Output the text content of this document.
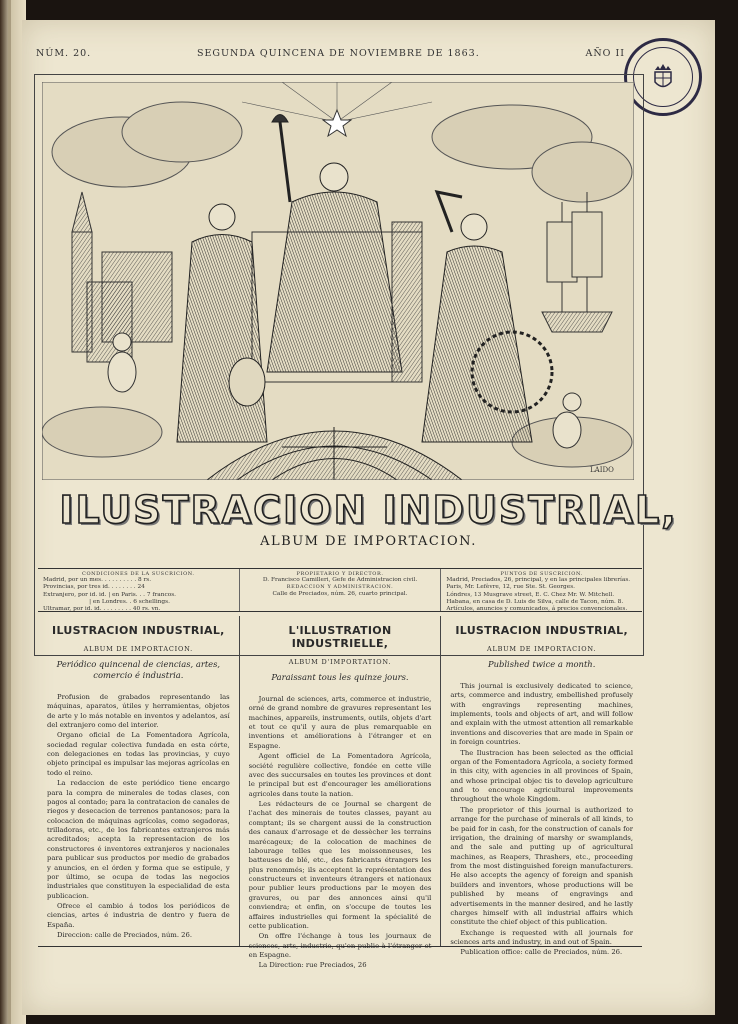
NÚM. 20.	SEGUNDA QUINCENA DE NOVIEMBRE DE 1863.	AÑO II
LAIDO
ILUSTRACION INDUSTRIAL,
ALBUM DE IMPORTACION.
CONDICIONES DE LA SUSCRICION.
Madrid, por un mes. . . . . . . . . . 8 rs.
Provincias, por tres id. . . . . . . . 24
Extranjero, por id. id. | en Paris. . . 7 francos.
| en Londres. . 6 schellings.
Ultramar, por id. id. . . . . . . . . 40 rs. vn.
PROPIETARIO Y DIRECTOR.
D. Francisco Camilleri, Gefe de Administracion civil.
REDACCION Y ADMINISTRACION.
Calle de Preciados, núm. 26, cuarto principal.
PUNTOS DE SUSCRICION.
Madrid, Preciados, 26, principal, y en las principales librerías.
Paris, Mr. Lefèvre, 12, rue Ste. St. Georges.
Lóndres, 13 Musgrave street, E. C. Chez Mr. W. Mitchell.
Habana, en casa de D. Luis de Silva, calle de Tacon, núm. 8.
Artículos, anuncios y comunicados, á precios convencionales.
ILUSTRACION INDUSTRIAL,
ALBUM DE IMPORTACION.
Periódico quincenal de ciencias, artes, comercio é industria.

Profusion de grabados representando las máquinas, aparatos, útiles y herramientas, objetos de arte y lo más notable en inventos y adelantos, así del extranjero como del interior.

Organo oficial de La Fomentadora Agrícola, sociedad regular colectiva fundada en esta córte, con delegaciones en todas las provincias, y cuyo objeto principal es impulsar las mejoras agrícolas en todo el reino.

La redaccion de este periódico tiene encargo para la compra de minerales de todas clases, con pagos al contado; para la contratacion de canales de riegos y desecacion de terrenos pantanosos; para la colocacion de máquinas agrícolas, como segadoras, trilladoras, etc., de los fabricantes extranjeros más acreditados; acepta la representacion de los constructores é inventores extranjeros y nacionales para publicar sus productos por medio de grabados y anuncios, en el órden y forma que se estipule, y por último, se ocupa de todas las negocios industriales que constituyen la especialidad de esta publicacion.

Ofrece el cambio á todos los periódicos de ciencias, artes é industria de dentro y fuera de España.

Direccion: calle de Preciados, núm. 26.
L'ILLUSTRATION INDUSTRIELLE,
ALBUM D'IMPORTATION.
Paraissant tous les quinze jours.

Journal de sciences, arts, commerce et industrie, orné de grand nombre de gravures representant les machines, appareils, instruments, outils, objets d'art et tout ce qu'il y aura de plus remarquable en inventions et améliorations à l'étranger et en Espagne.

Agent officiel de La Fomentadora Agrícola, société regulière collective, fondée en cette ville avec des succursales en toutes les provinces et dont le principal but est d'encourager les améliorations agricoles dans toute la nation.

Les rédacteurs de ce Journal se chargent de l'achat des minerais de toutes classes, payant au comptant; ils se chargent aussi de la construction des canaux d'arrosage et de dessècher les terrains marécageux; de la colocation de machines de labourage telles que les moissonneuses, les batteuses de blé, etc., des fabricants étrangers les plus renommés; ils acceptent la représentation des constructeurs et inventeurs étrangers et nationaux pour publier leurs productions par le moyen des gravures, ou par des annonces ainsi qu'il conviendra; et enfin, on s'occupe de toutes les affaires industrielles qui forment la spécialité de cette publication.

On offre l'échange à tous les journaux de sciences, arts, industrie, qu'on publie à l'étranger et en Espagne.

La Direction: rue Preciados, 26
ILUSTRACION INDUSTRIAL,
ALBUM DE IMPORTACION.
Published twice a month.

This journal is exclusively dedicated to science, arts, commerce and industry, embellished profusely with engravings representing machines, implements, tools and objects of art, and will follow and explain with the utmost attention all remarkable inventions and discoveries that are made in Spain or in foreign countries.

The Ilustracion has been selected as the official organ of the Fomentadora Agrícola, a society formed in this city, with agencies in all provinces of Spain, and whose principal objec tis to develop agriculture and to encourage agricultural improvements throughout the whole Kingdom.

The proprietor of this journal is authorized to arrange for the purchase of minerals of all kinds, to be paid for in cash, for the construction of canals for irrigation, the draining of marshy or swamplands, and the sale and putting up of agricultural machines, as Reapers, Thrashers, etc., proceeding from the most distinguished foreign manufacturers. He also accepts the agency of foreign and spanish builders and inventors, whose productions will be published by means of engravings and advertisements in the manner desired, and he lastly charges himself with all industrial affairs which constitute the chief object of this publication.

Exchange is requested with all journals for sciences arts and industry, in and out of Spain.

Publication office: calle de Preciados, núm. 26.
